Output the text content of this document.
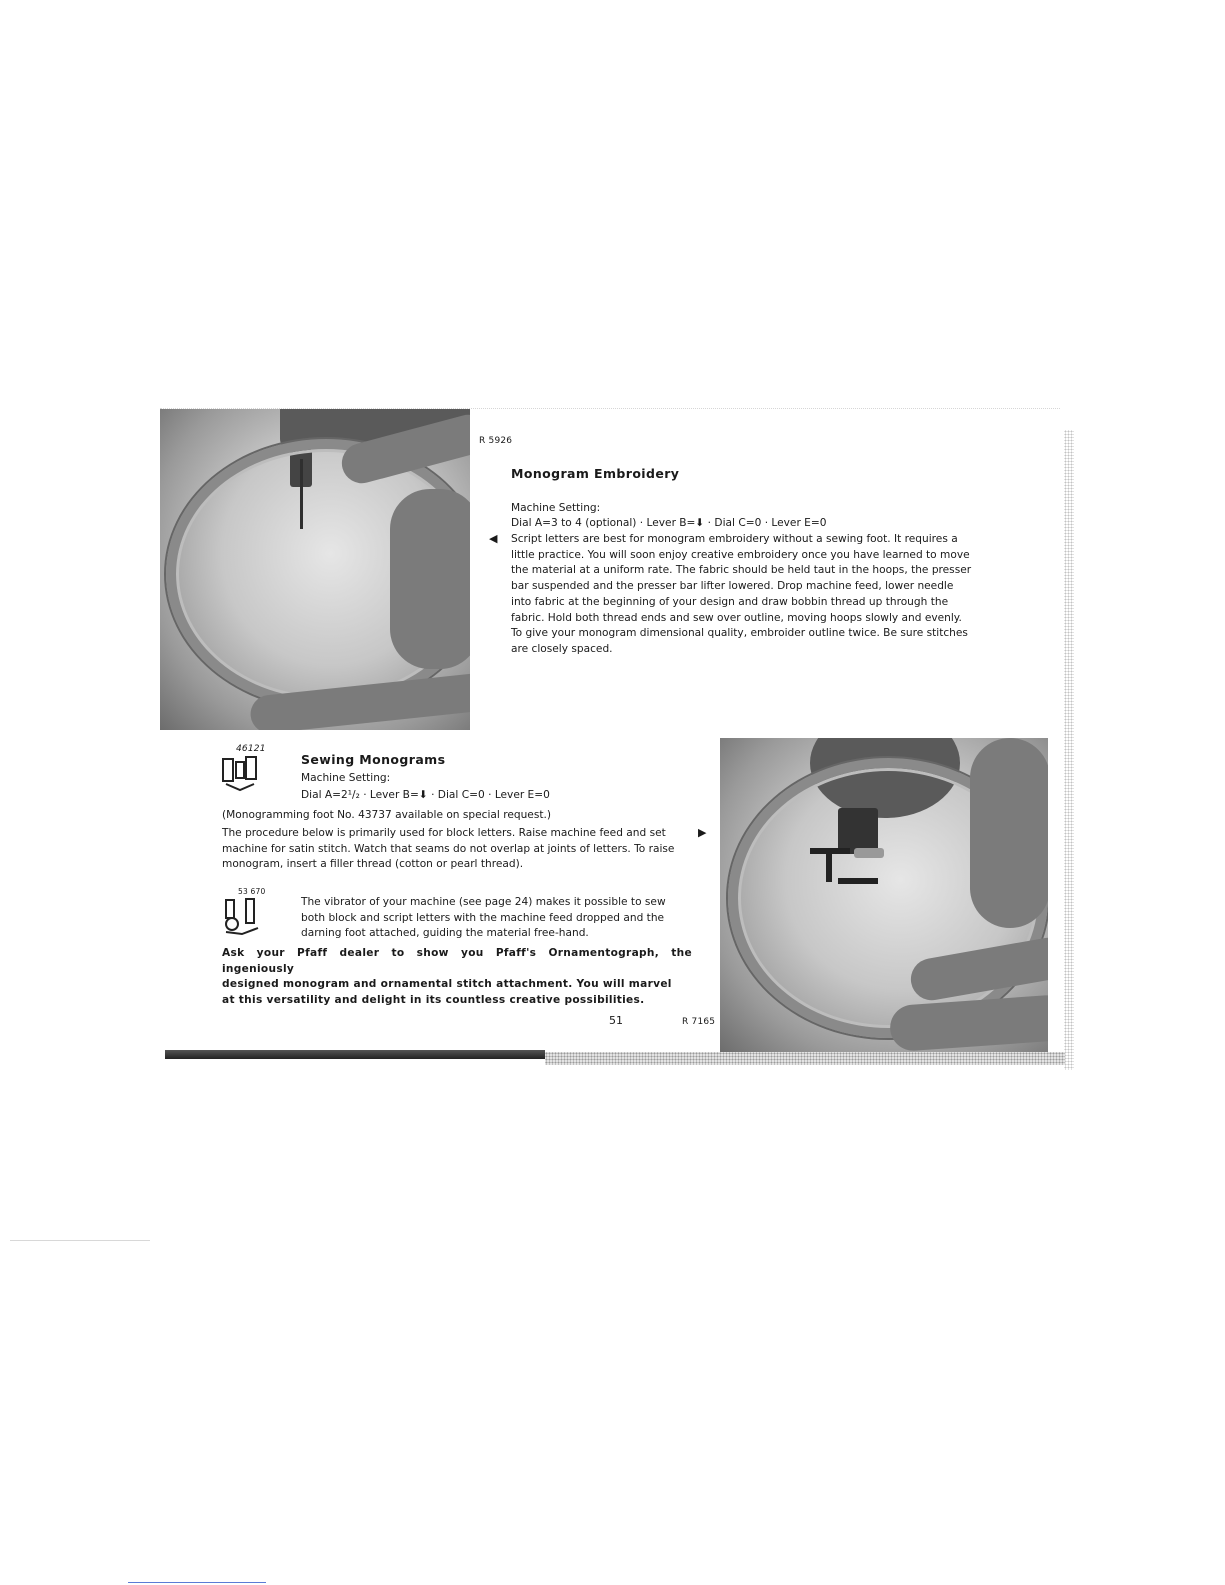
R 5926
Monogram Embroidery
Machine Setting:
Dial A=3 to 4 (optional) · Lever B=⬇ · Dial C=0 · Lever E=0
◀ Script letters are best for monogram embroidery without a sewing foot. It requires a
little practice. You will soon enjoy creative embroidery once you have learned to move
the material at a uniform rate. The fabric should be held taut in the hoops, the presser
bar suspended and the presser bar lifter lowered. Drop machine feed, lower needle
into fabric at the beginning of your design and draw bobbin thread up through the
fabric. Hold both thread ends and sew over outline, moving hoops slowly and evenly.
To give your monogram dimensional quality, embroider outline twice. Be sure stitches
are closely spaced.
46121
Sewing Monograms
Machine Setting:
Dial A=2¹/₂ · Lever B=⬇ · Dial C=0 · Lever E=0
(Monogramming foot No. 43737 available on special request.)
The procedure below is primarily used for block letters. Raise machine feed and set
machine for satin stitch. Watch that seams do not overlap at joints of letters. To raise
monogram, insert a filler thread (cotton or pearl thread).
▶
53 670
The vibrator of your machine (see page 24) makes it possible to sew
both block and script letters with the machine feed dropped and the
darning foot attached, guiding the material free-hand.
Ask your Pfaff dealer to show you Pfaff's Ornamentograph, the ingeniously
designed monogram and ornamental stitch attachment. You will marvel
at this versatility and delight in its countless creative possibilities.
51	R 7165
